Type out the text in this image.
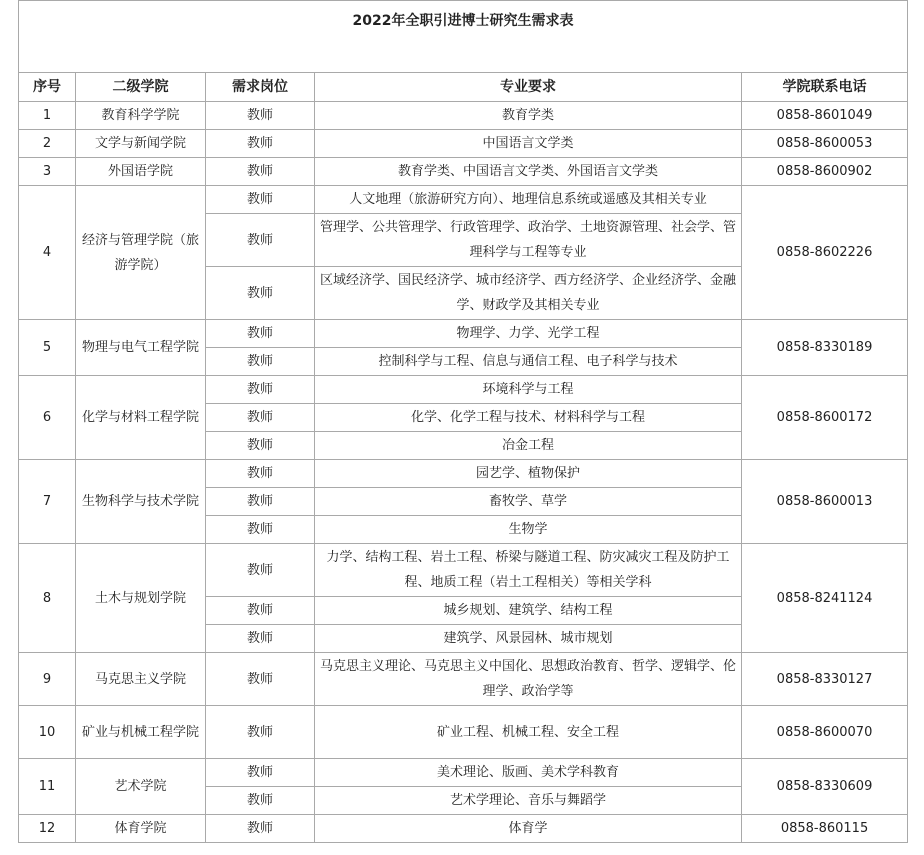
2022年全职引进博士研究生需求表				
序号	二级学院	需求岗位	专业要求	学院联系电话
1	教育科学学院	教师	教育学类	0858-8601049
2	文学与新闻学院	教师	中国语言文学类	0858-8600053
3	外国语学院	教师	教育学类、中国语言文学类、外国语言文学类	0858-8600902
4	经济与管理学院（旅游学院）	教师	人文地理（旅游研究方向）、地理信息系统或遥感及其相关专业	0858-8602226
		教师	管理学、公共管理学、行政管理学、政治学、土地资源管理、社会学、管理科学与工程等专业	
		教师	区域经济学、国民经济学、城市经济学、西方经济学、企业经济学、金融学、财政学及其相关专业	
5	物理与电气工程学院	教师	物理学、力学、光学工程	0858-8330189
		教师	控制科学与工程、信息与通信工程、电子科学与技术	
6	化学与材料工程学院	教师	环境科学与工程	0858-8600172
		教师	化学、化学工程与技术、材料科学与工程	
		教师	冶金工程	
7	生物科学与技术学院	教师	园艺学、植物保护	0858-8600013
		教师	畜牧学、草学	
		教师	生物学	
8	土木与规划学院	教师	力学、结构工程、岩土工程、桥梁与隧道工程、防灾减灾工程及防护工程、地质工程（岩土工程相关）等相关学科	0858-8241124
		教师	城乡规划、建筑学、结构工程	
		教师	建筑学、风景园林、城市规划	
9	马克思主义学院	教师	马克思主义理论、马克思主义中国化、思想政治教育、哲学、逻辑学、伦理学、政治学等	0858-8330127
10	矿业与机械工程学院	教师	矿业工程、机械工程、安全工程	0858-8600070
11	艺术学院	教师	美术理论、版画、美术学科教育	0858-8330609
		教师	艺术学理论、音乐与舞蹈学	
12	体育学院	教师	体育学	0858-860115
